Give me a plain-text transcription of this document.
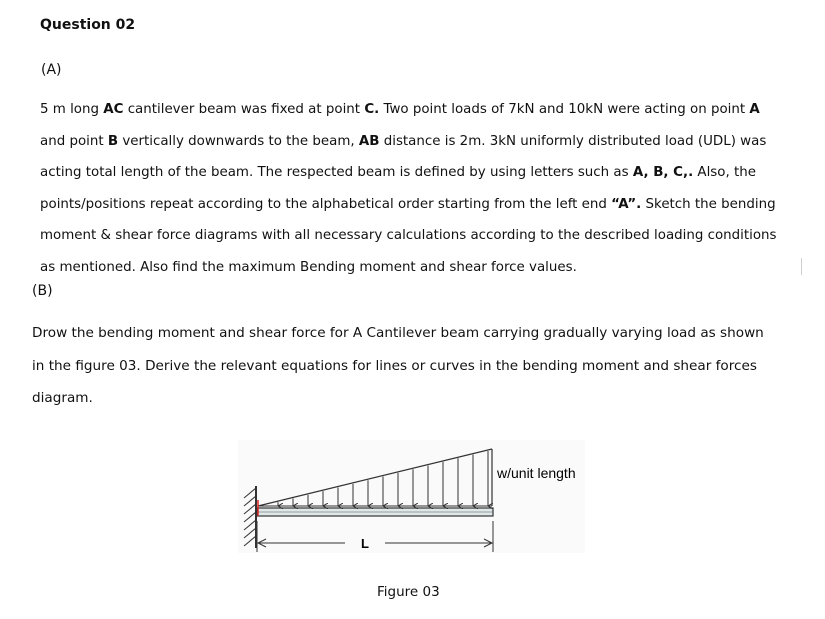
Question 02
(A)
5 m long AC cantilever beam was fixed at point C. Two point loads of 7kN and 10kN were acting on point A
and point B vertically downwards to the beam, AB distance is 2m. 3kN uniformly distributed load (UDL) was
acting total length of the beam. The respected beam is defined by using letters such as A, B, C,. Also, the
points/positions repeat according to the alphabetical order starting from the left end “A”. Sketch the bending
moment & shear force diagrams with all necessary calculations according to the described loading conditions
as mentioned. Also find the maximum Bending moment and shear force values.
(B)
Drow the bending moment and shear force for A Cantilever beam carrying gradually varying load as shown
in the figure 03. Derive the relevant equations for lines or curves in the bending moment and shear forces
diagram.
L
w/unit length
Figure 03
